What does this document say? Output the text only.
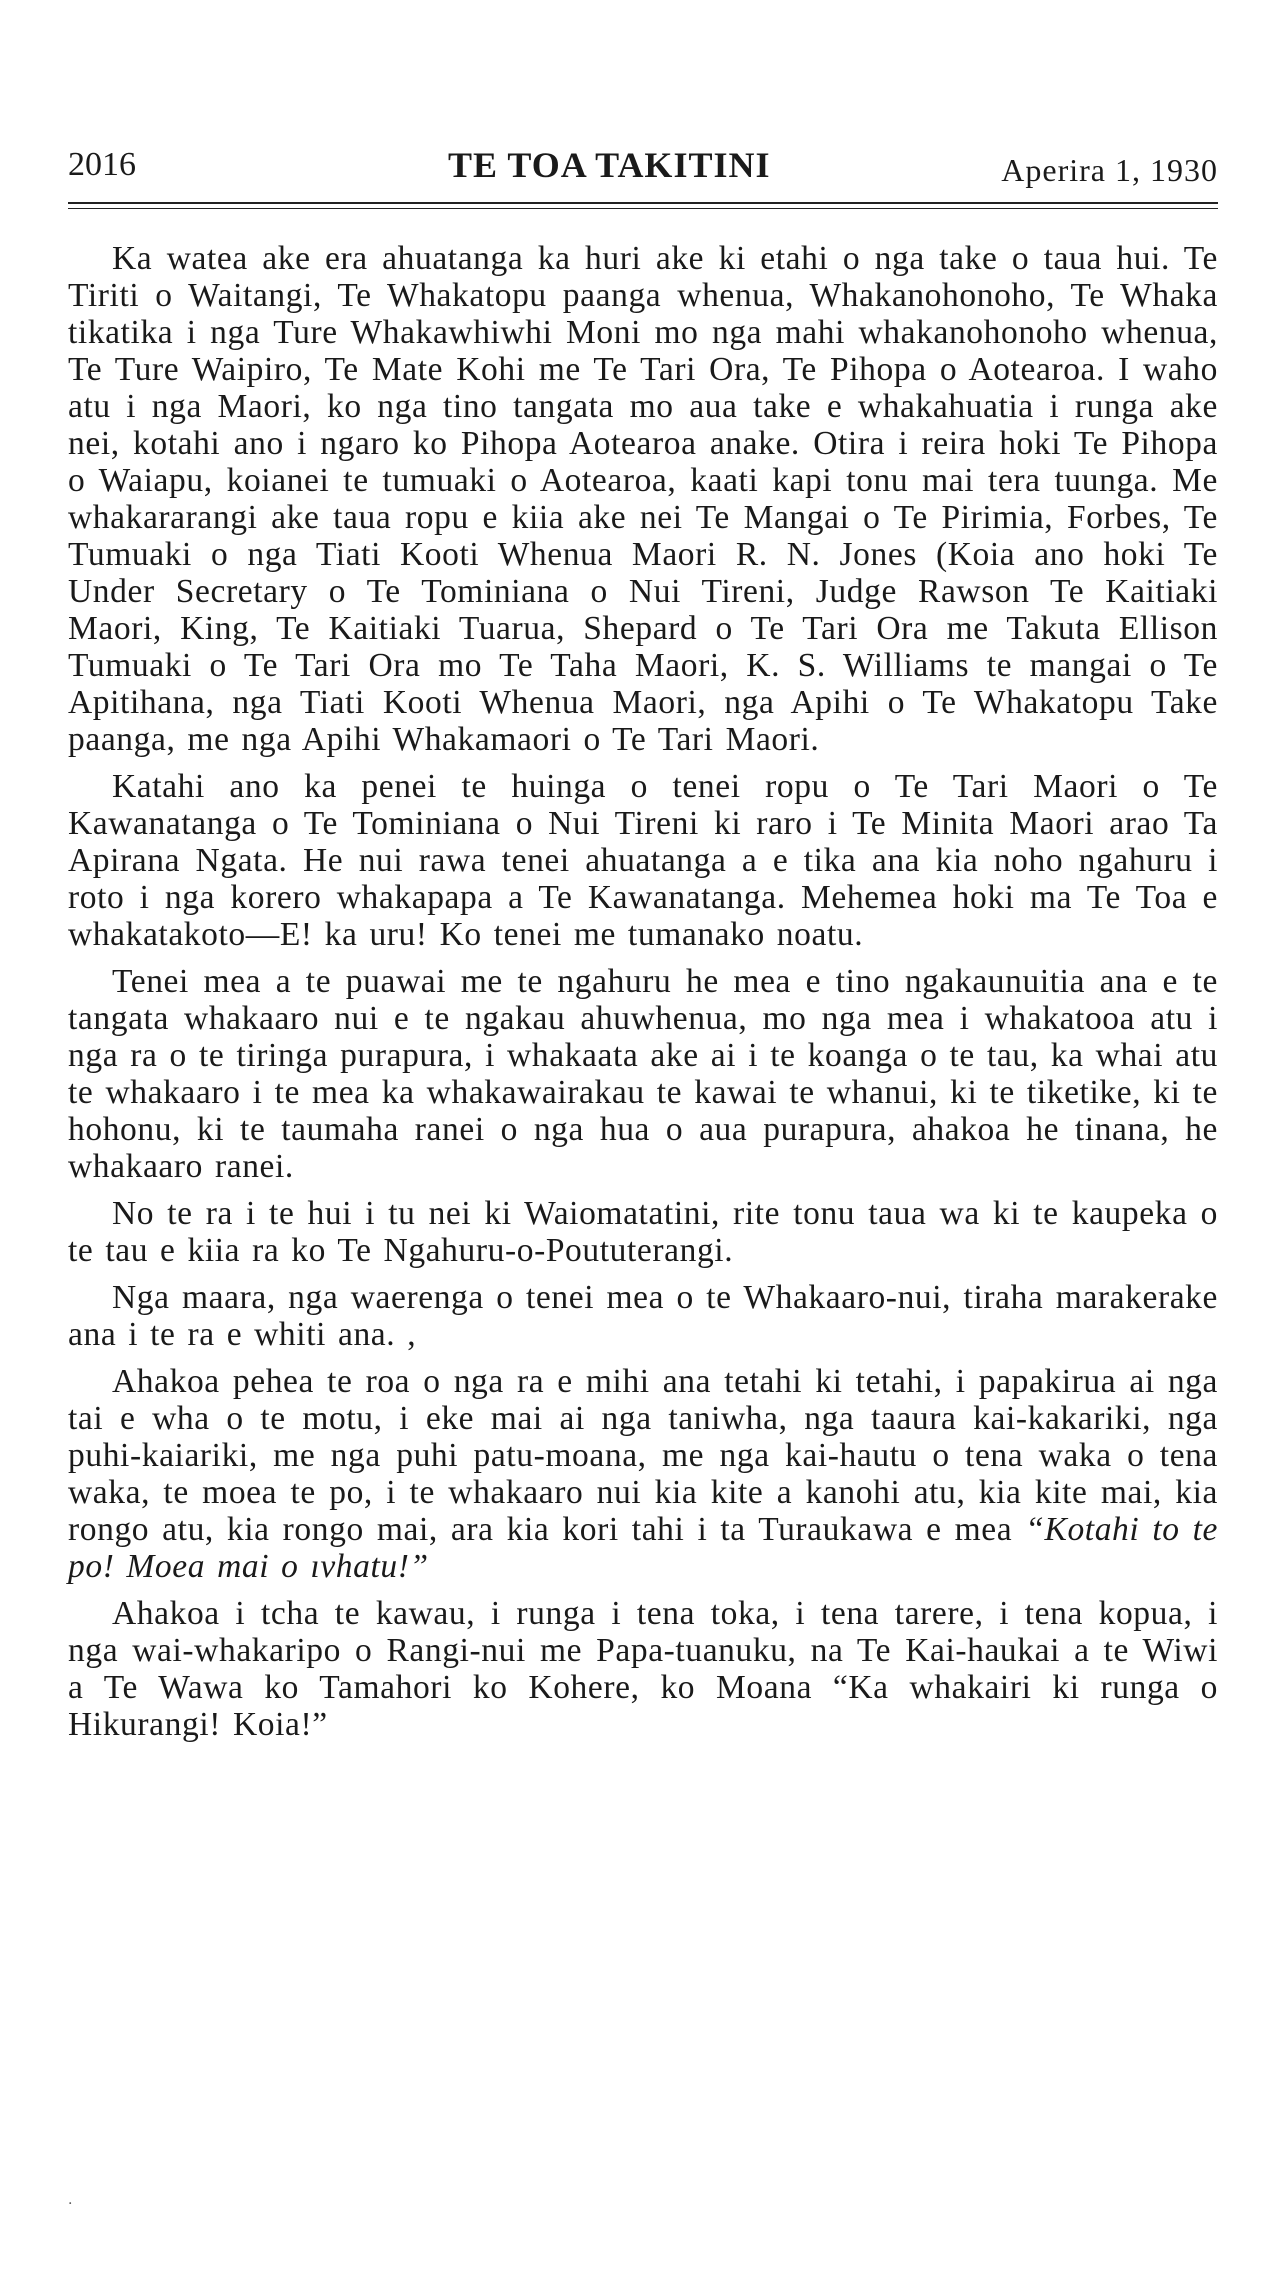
2016	TE TOA TAKITINI	Aperira 1, 1930

Ka watea ake era ahuatanga ka huri ake ki etahi o nga take o taua hui. Te Tiriti o Waitangi, Te Whakatopu paanga whenua, Whakanohonoho, Te Whaka tikatika i nga Ture Whakawhiwhi Moni mo nga mahi whakanohonoho whenua, Te Ture Waipiro, Te Mate Kohi me Te Tari Ora, Te Pihopa o Aotearoa. I waho atu i nga Maori, ko nga tino tangata mo aua take e whakahuatia i runga ake nei, kotahi ano i ngaro ko Pihopa Aotearoa anake. Otira i reira hoki Te Pihopa o Waiapu, koianei te tumuaki o Aotearoa, kaati kapi tonu mai tera tuunga. Me whakararangi ake taua ropu e kiia ake nei Te Mangai o Te Pirimia, Forbes, Te Tumuaki o nga Tiati Kooti Whenua Maori R. N. Jones (Koia ano hoki Te Under Secretary o Te Tominiana o Nui Tireni, Judge Rawson Te Kaitiaki Maori, King, Te Kaitiaki Tuarua, Shepard o Te Tari Ora me Takuta Ellison Tumuaki o Te Tari Ora mo Te Taha Maori, K. S. Williams te mangai o Te Apitihana, nga Tiati Kooti Whenua Maori, nga Apihi o Te Whakatopu Take paanga, me nga Apihi Whakamaori o Te Tari Maori.

Katahi ano ka penei te huinga o tenei ropu o Te Tari Maori o Te Kawanatanga o Te Tominiana o Nui Tireni ki raro i Te Minita Maori arao Ta Apirana Ngata. He nui rawa tenei ahuatanga a e tika ana kia noho ngahuru i roto i nga korero whakapapa a Te Kawanatanga. Mehemea hoki ma Te Toa e whakatakoto—E! ka uru! Ko tenei me tumanako noatu.

Tenei mea a te puawai me te ngahuru he mea e tino ngakaunuitia ana e te tangata whakaaro nui e te ngakau ahuwhenua, mo nga mea i whakatooa atu i nga ra o te tiringa purapura, i whakaata ake ai i te koanga o te tau, ka whai atu te whakaaro i te mea ka whakawairakau te kawai te whanui, ki te tiketike, ki te hohonu, ki te taumaha ranei o nga hua o aua purapura, ahakoa he tinana, he whakaaro ranei.

No te ra i te hui i tu nei ki Waiomatatini, rite tonu taua wa ki te kaupeka o te tau e kiia ra ko Te Ngahuru-o-Poututerangi.

Nga maara, nga waerenga o tenei mea o te Whakaaro-nui, tiraha marakerake ana i te ra e whiti ana. ,

Ahakoa pehea te roa o nga ra e mihi ana tetahi ki tetahi, i papakirua ai nga tai e wha o te motu, i eke mai ai nga taniwha, nga taaura kai-kakariki, nga puhi-kaiariki, me nga puhi patu-moana, me nga kai-hautu o tena waka o tena waka, te moea te po, i te whakaaro nui kia kite a kanohi atu, kia kite mai, kia rongo atu, kia rongo mai, ara kia kori tahi i ta Turaukawa e mea “Kotahi to te po! Moea mai o ıvhatu!”

Ahakoa i tcha te kawau, i runga i tena toka, i tena tarere, i tena kopua, i nga wai-whakaripo o Rangi-nui me Papa-tuanuku, na Te Kai-haukai a te Wiwi a Te Wawa ko Tamahori ko Kohere, ko Moana “Ka whakairi ki runga o Hikurangi! Koia!”

·
